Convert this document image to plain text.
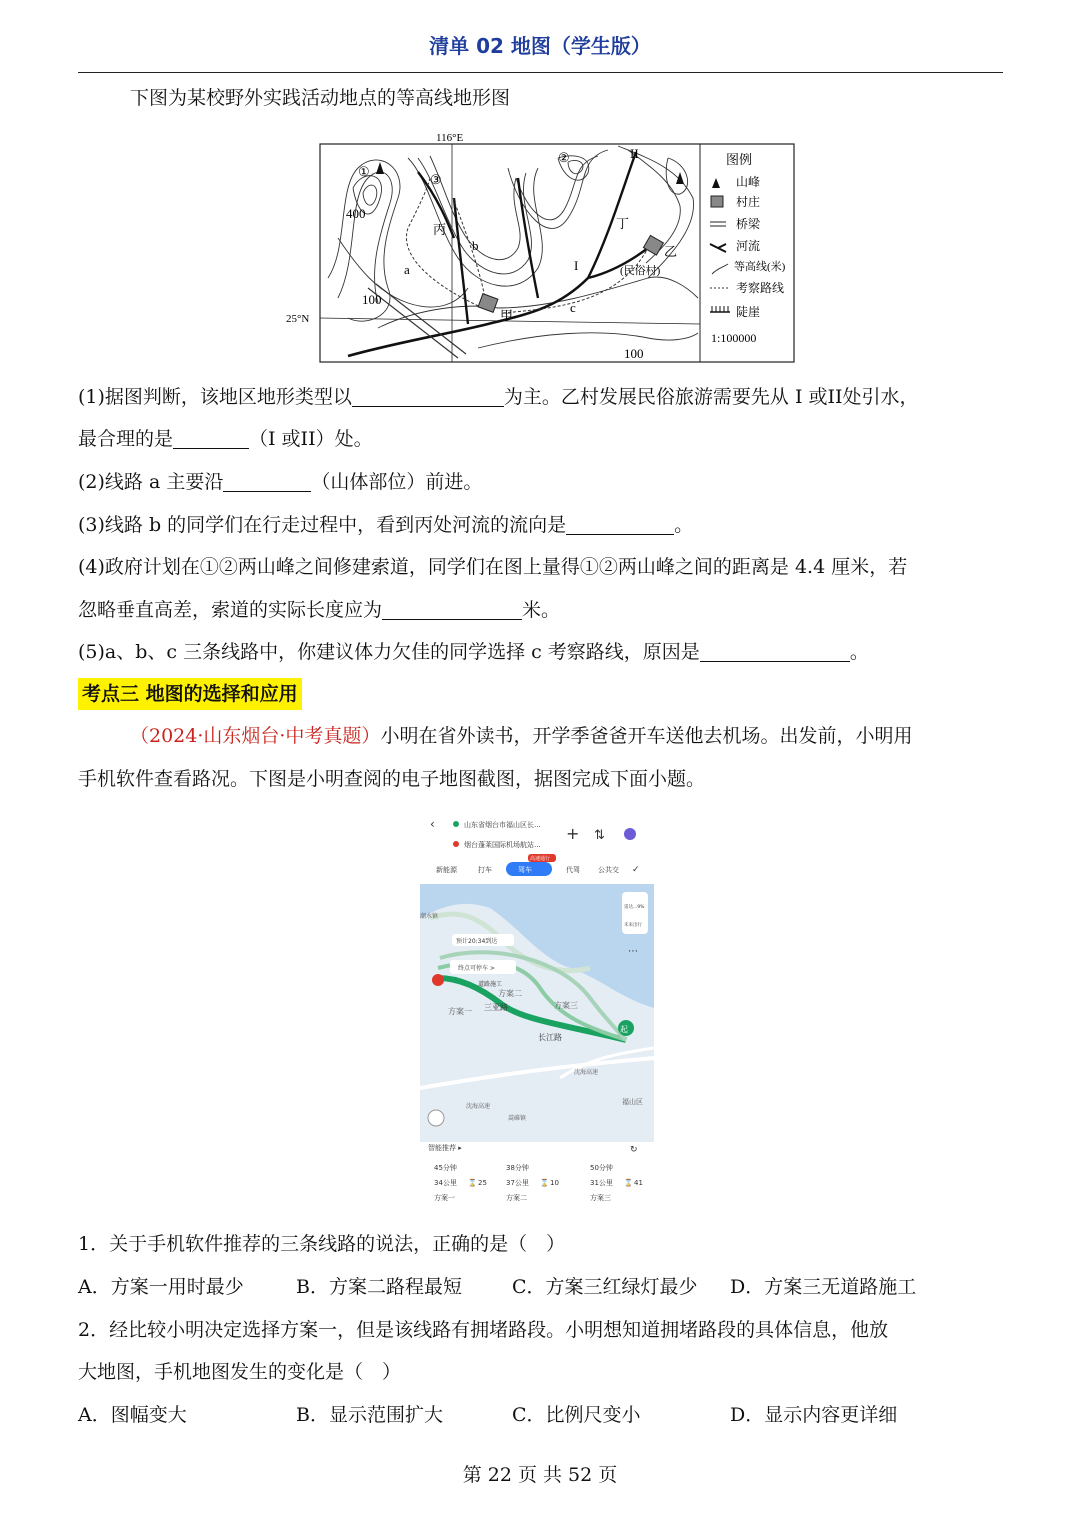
清单 02 地图（学生版）
下图为某校野外实践活动地点的等高线地形图
116°E
25°N
①
②
③
I
II
400
100
100
丙	丁
甲
乙
(民俗村)
a
b
c
图例
山峰
村庄
桥梁
河流
等高线(米)
考察路线
陡崖
1:100000
(1)据图判断，该地区地形类型以	为主。乙村发展民俗旅游需要先从 I 或II处引水，
最合理的是	（I 或II）处。
(2)线路 a 主要沿	（山体部位）前进。
(3)线路 b 的同学们在行走过程中，看到丙处河流的流向是	。
(4)政府计划在①②两山峰之间修建索道，同学们在图上量得①②两山峰之间的距离是 4.4 厘米，若
忽略垂直高差，索道的实际长度应为	米。
(5)a、b、c 三条线路中，你建议体力欠佳的同学选择 c 考察路线，原因是	。
考点三 地图的选择和应用
（2024·山东烟台·中考真题）小明在省外读书，开学季爸爸开车送他去机场。出发前，小明用
手机软件查看路况。下图是小明查阅的电子地图截图，据图完成下面小题。
‹	山东省烟台市福山区长...
烟台蓬莱国际机场航站...
+ ⇅
新能源	打车	驾车
高速通行
代驾	公共交 ✓
起
终点可停车 >
预计20:34到达
道路施工
潮水镇
福山区
沈海高速
沈海高速
蒿碓镇
长江路
三亚路
方案一
方案二
方案三
雷达...9%
未来出行
⋯
智能推荐 ▸	↻
45分钟
34公里 ⌛ 25
方案一
38分钟
37公里 ⌛ 10
方案二
50分钟
31公里 ⌛ 41
方案三
1．关于手机软件推荐的三条线路的说法，正确的是（　）
A．方案一用时最少	B．方案二路程最短	C．方案三红绿灯最少 D．方案三无道路施工
2．经比较小明决定选择方案一，但是该线路有拥堵路段。小明想知道拥堵路段的具体信息，他放
大地图，手机地图发生的变化是（　）
A．图幅变大	B．显示范围扩大	C．比例尺变小	D．显示内容更详细
第 22 页 共 52 页
